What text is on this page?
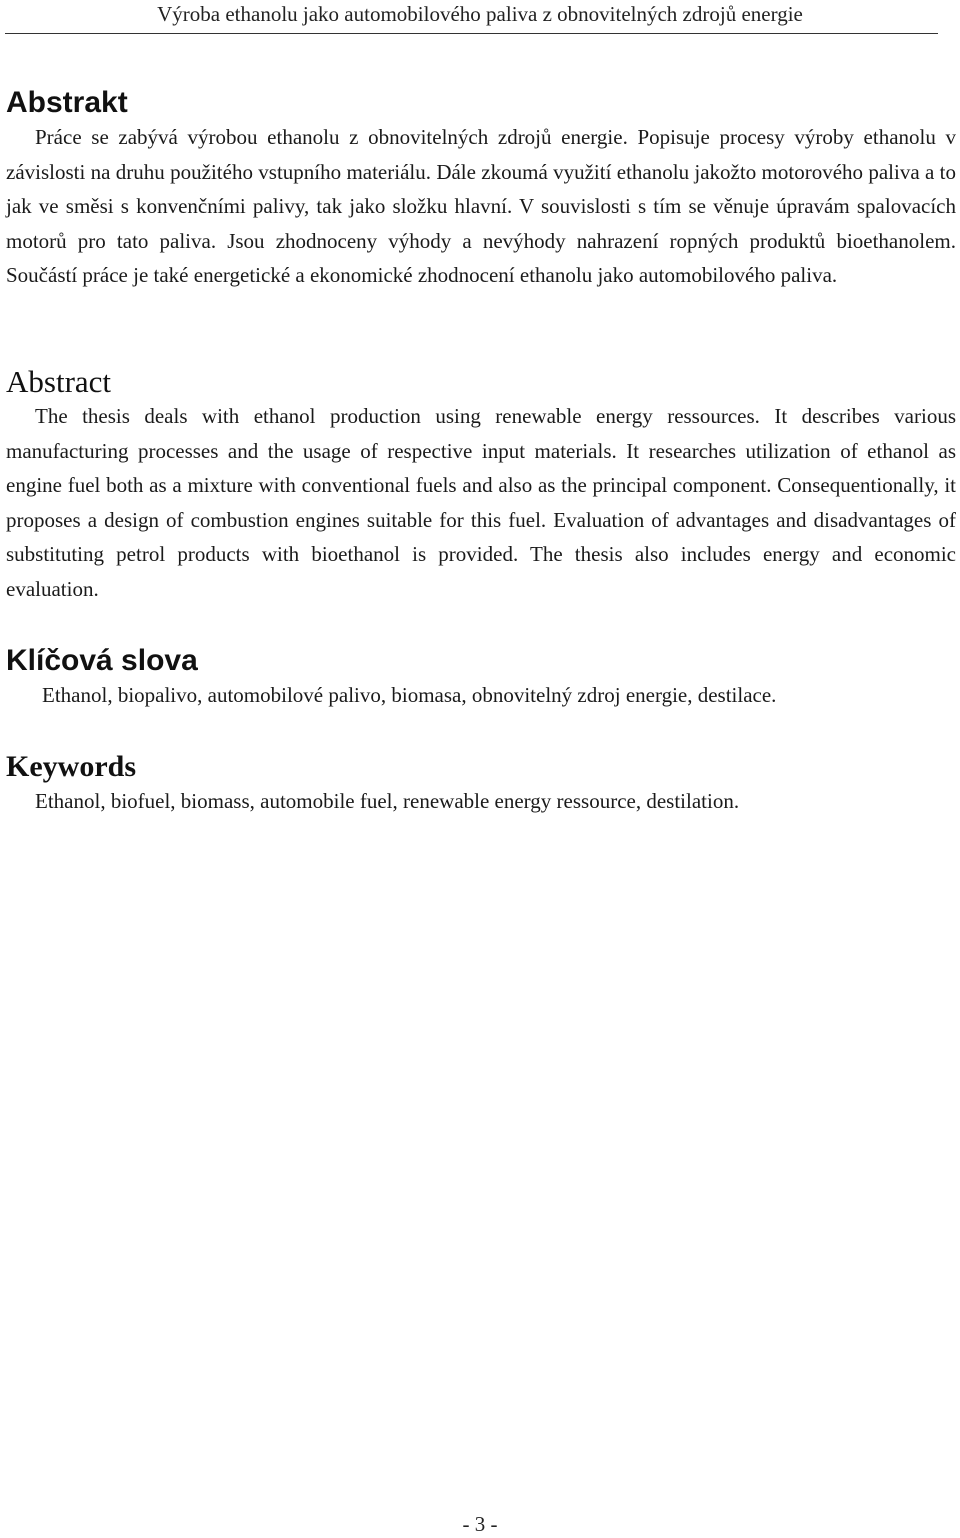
Výroba ethanolu jako automobilového paliva z obnovitelných zdrojů energie
Abstrakt

Práce se zabývá výrobou ethanolu z obnovitelných zdrojů energie. Popisuje procesy výroby ethanolu v závislosti na druhu použitého vstupního materiálu. Dále zkoumá využití ethanolu jakožto motorového paliva a to jak ve směsi s konvenčními palivy, tak jako složku hlavní. V souvislosti s tím se věnuje úpravám spalovacích motorů pro tato paliva. Jsou zhodnoceny výhody a nevýhody nahrazení ropných produktů bioethanolem. Součástí práce je také energetické a ekonomické zhodnocení ethanolu jako automobilového paliva.

Abstract

The thesis deals with ethanol production using renewable energy ressources. It describes various manufacturing processes and the usage of respective input materials. It researches utilization of ethanol as engine fuel both as a mixture with conventional fuels and also as the principal component. Consequentionally, it proposes a design of combustion engines suitable for this fuel. Evaluation of advantages and disadvantages of substituting petrol products with bioethanol is provided. The thesis also includes energy and economic evaluation.

Klíčová slova

Ethanol, biopalivo, automobilové palivo, biomasa, obnovitelný zdroj energie, destilace.

Keywords

Ethanol, biofuel, biomass, automobile fuel, renewable energy ressource, destilation.

- 3 -
